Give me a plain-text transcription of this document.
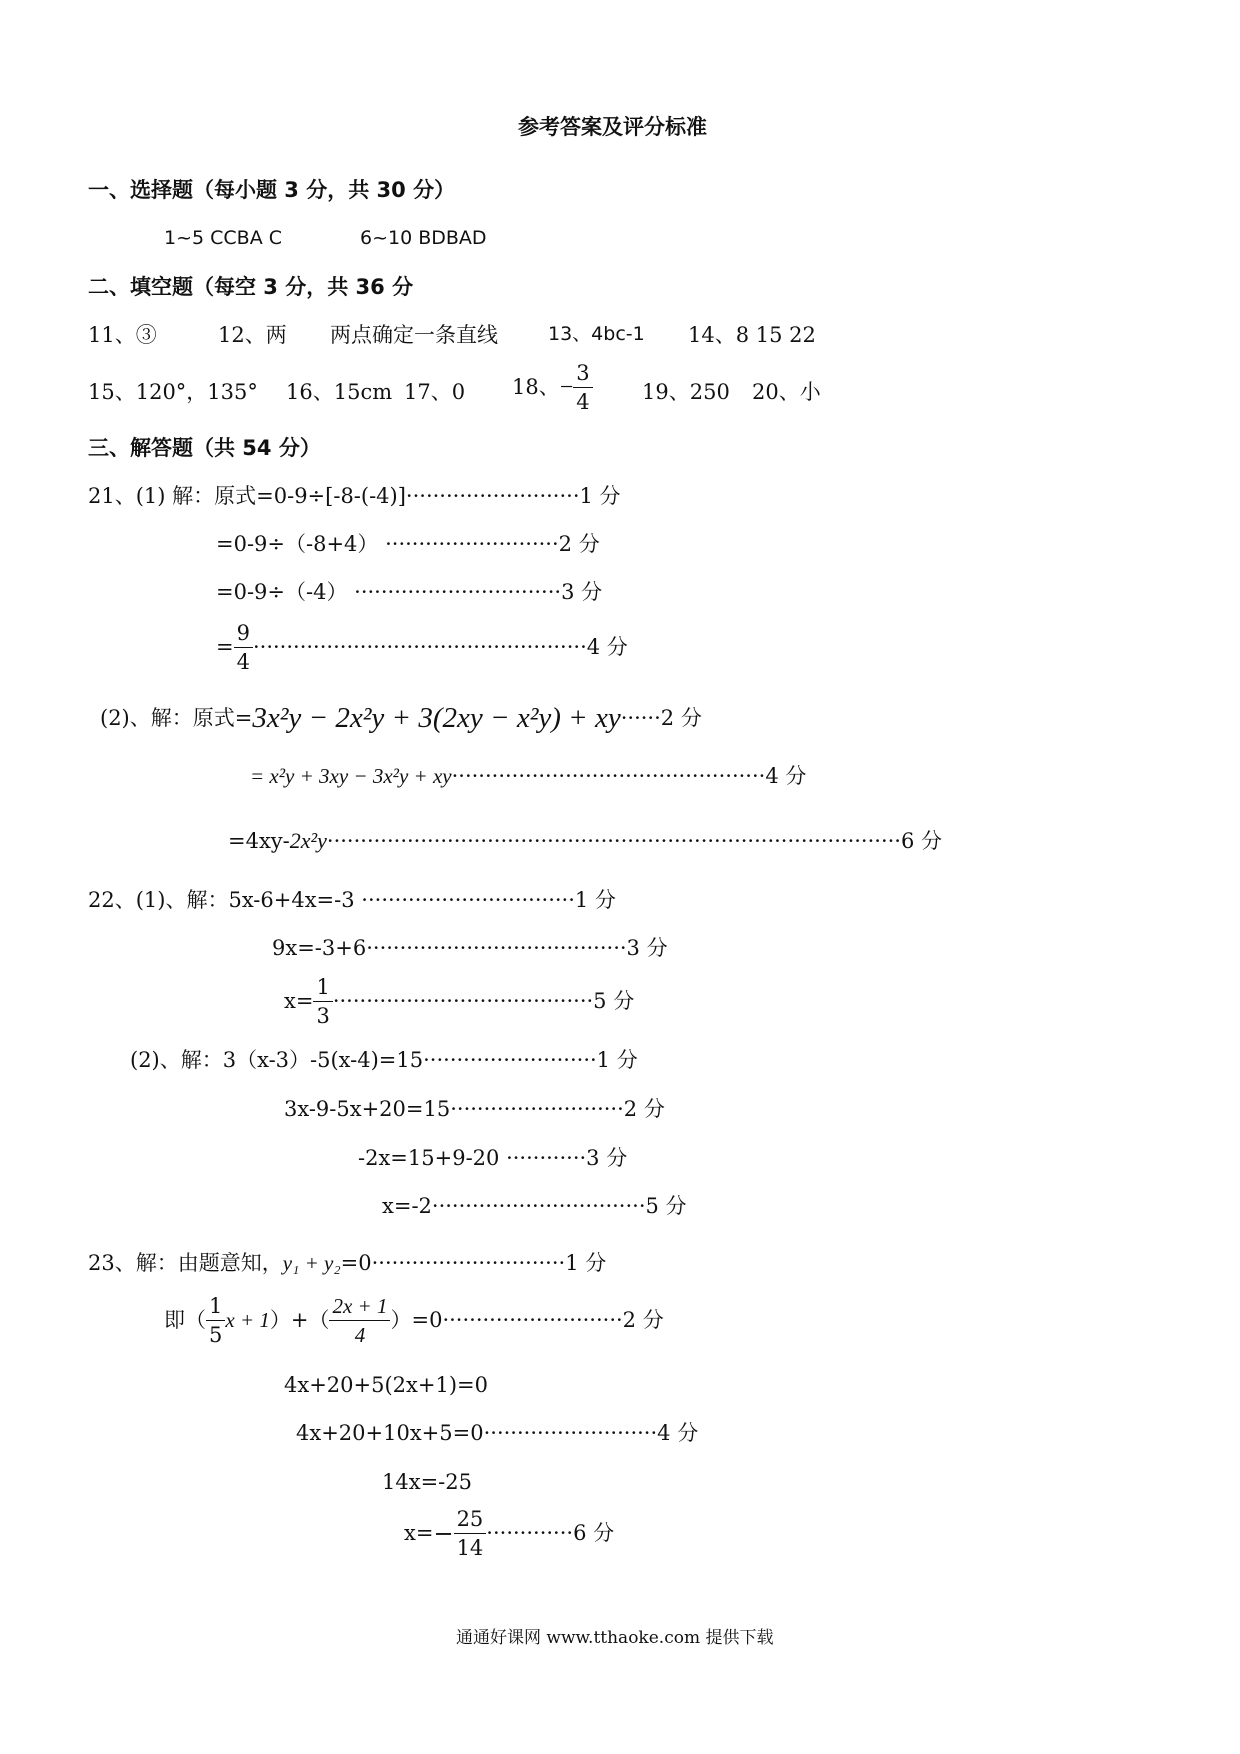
参考答案及评分标准
一、选择题（每小题 3 分，共 30 分）
1~5 CCBA C	6~10 BDBAD
二、填空题（每空 3 分，共 36 分
11、③	12、两 两点确定一条直线	13、4bc-1 14、8 15 22
15、120°，135° 16、15cm 17、0 18、− $\frac{3}{4} 19$、250 20、小
三、解答题（共 54 分）
21、(1) 解：原式=0-9÷[-8-(-4)]··························1 分
=0-9÷（-8+4） ··························2 分
=0-9÷（-4） ·······························3 分
= $\frac{9}{4} \cdot\cdot\cdot\cdot\cdot\cdot\cdot\cdot\cdot\cdot\cdot\cdot\cdot\cdot\cdot\cdot\cdot\cdot\cdot\cdot\cdot\cdot\cdot\cdot\cdot\cdot\cdot\cdot\cdot\cdot\cdot\cdot\cdot\cdot\cdot\cdot\cdot\cdot\cdot\cdot\cdot\cdot\cdot\cdot\cdot\cdot\cdot\cdot\cdot\cdot 4$ 分
(2)、解：原式=3x²y − 2x²y + 3(2xy − x²y) + xy······2 分
= x²y + 3xy − 3x²y + xy···············································4 分
=4xy-2x²y······················································································6 分
22、(1)、解：5x-6+4x=-3 ································1 分
9x=-3+6·······································3 分
$x= \frac{1}{3} \cdot\cdot\cdot\cdot\cdot\cdot\cdot\cdot\cdot\cdot\cdot\cdot\cdot\cdot\cdot\cdot\cdot\cdot\cdot\cdot\cdot\cdot\cdot\cdot\cdot\cdot\cdot\cdot\cdot\cdot\cdot\cdot\cdot\cdot\cdot\cdot\cdot\cdot\cdot 5$ 分
(2)、解：3（x-3）-5(x-4)=15··························1 分
3x-9-5x+20=15··························2 分
-2x=15+9-20 ············3 分
x=-2································5 分
23、解：由题意知，y₁ + y₂=0·····························1 分
即（ $\frac{1}{5}$ $x + 1)+( \frac{2x + 1}{4} )=0\cdot\cdot\cdot\cdot\cdot\cdot\cdot\cdot\cdot\cdot\cdot\cdot\cdot\cdot\cdot\cdot\cdot\cdot\cdot\cdot\cdot\cdot\cdot\cdot\cdot\cdot\cdot 2$ 分
4x+20+5(2x+1)=0
4x+20+10x+5=0··························4 分
14x=-25
$x=- \frac{25}{14} \cdot\cdot\cdot\cdot\cdot\cdot\cdot\cdot\cdot\cdot\cdot\cdot\cdot 6$ 分
通通好课网 www.tthaoke.com 提供下载
